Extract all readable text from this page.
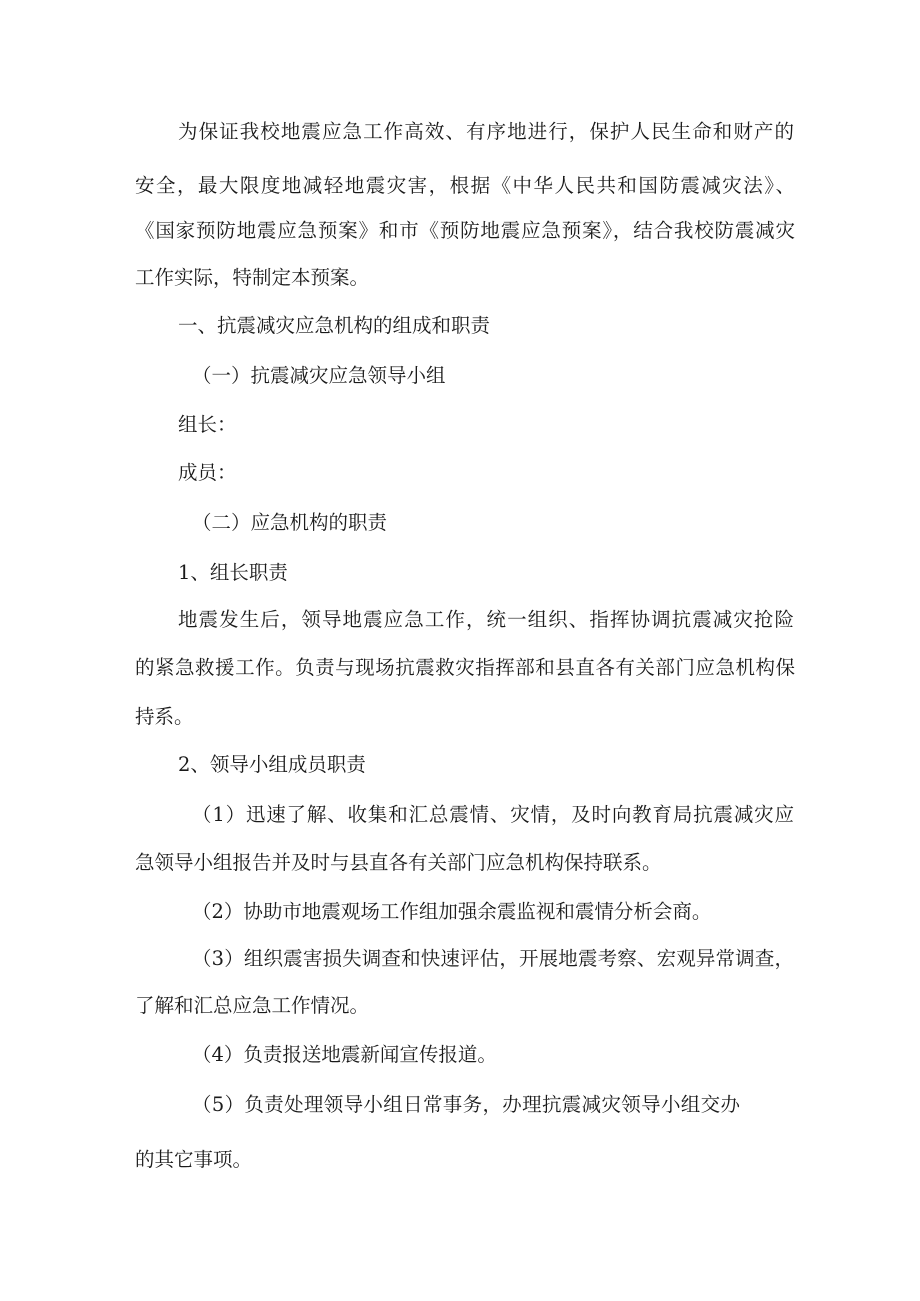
为保证我校地震应急工作高效、有序地进行，保护人民生命和财产的
安全，最大限度地减轻地震灾害，根据《中华人民共和国防震减灾法》、
《国家预防地震应急预案》和市《预防地震应急预案》，结合我校防震减灾
工作实际，特制定本预案。
一、抗震减灾应急机构的组成和职责
（一）抗震减灾应急领导小组
组长：
成员：
（二）应急机构的职责
1、组长职责
地震发生后，领导地震应急工作，统一组织、指挥协调抗震减灾抢险
的紧急救援工作。负责与现场抗震救灾指挥部和县直各有关部门应急机构保
持系。
2、领导小组成员职责
（1）迅速了解、收集和汇总震情、灾情，及时向教育局抗震减灾应
急领导小组报告并及时与县直各有关部门应急机构保持联系。
（2）协助市地震观场工作组加强余震监视和震情分析会商。
（3）组织震害损失调查和快速评估，开展地震考察、宏观异常调查，
了解和汇总应急工作情况。
（4）负责报送地震新闻宣传报道。
（5）负责处理领导小组日常事务，办理抗震减灾领导小组交办
的其它事项。
